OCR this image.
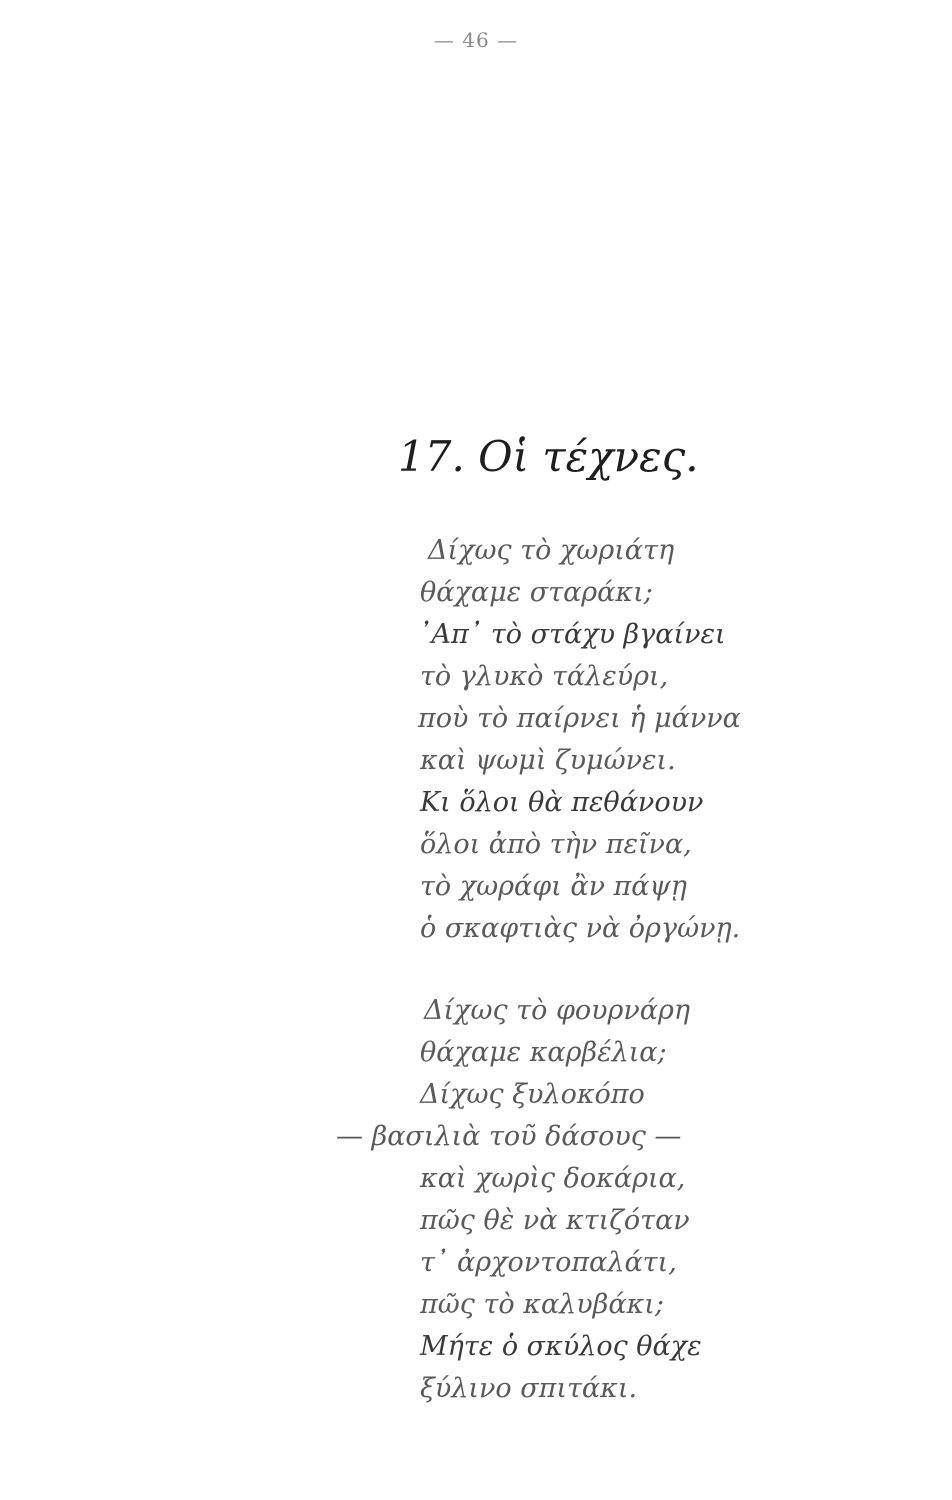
— 46 —
17. Οἱ τέχνες.
Δίχως τὸ χωριάτη
θάχαμε σταράκι;
᾿Απ᾿ τὸ στάχυ βγαίνει
τὸ γλυκὸ τάλεύρι,
ποὺ τὸ παίρνει ἡ μάννα
καὶ ψωμὶ ζυμώνει.
Κι ὅλοι θὰ πεθάνουν
ὅλοι ἀπὸ τὴν πεῖνα,
τὸ χωράφι ἂν πάψῃ
ὁ σκαφτιὰς νὰ ὀργώνῃ.
Δίχως τὸ φουρνάρη
θάχαμε καρβέλια;
Δίχως ξυλοκόπο
— βασιλιὰ τοῦ δάσους —
καὶ χωρὶς δοκάρια,
πῶς θὲ νὰ κτιζόταν
τ᾿ ἀρχοντοπαλάτι,
πῶς τὸ καλυβάκι;
Μήτε ὁ σκύλος θάχε
ξύλινο σπιτάκι.
